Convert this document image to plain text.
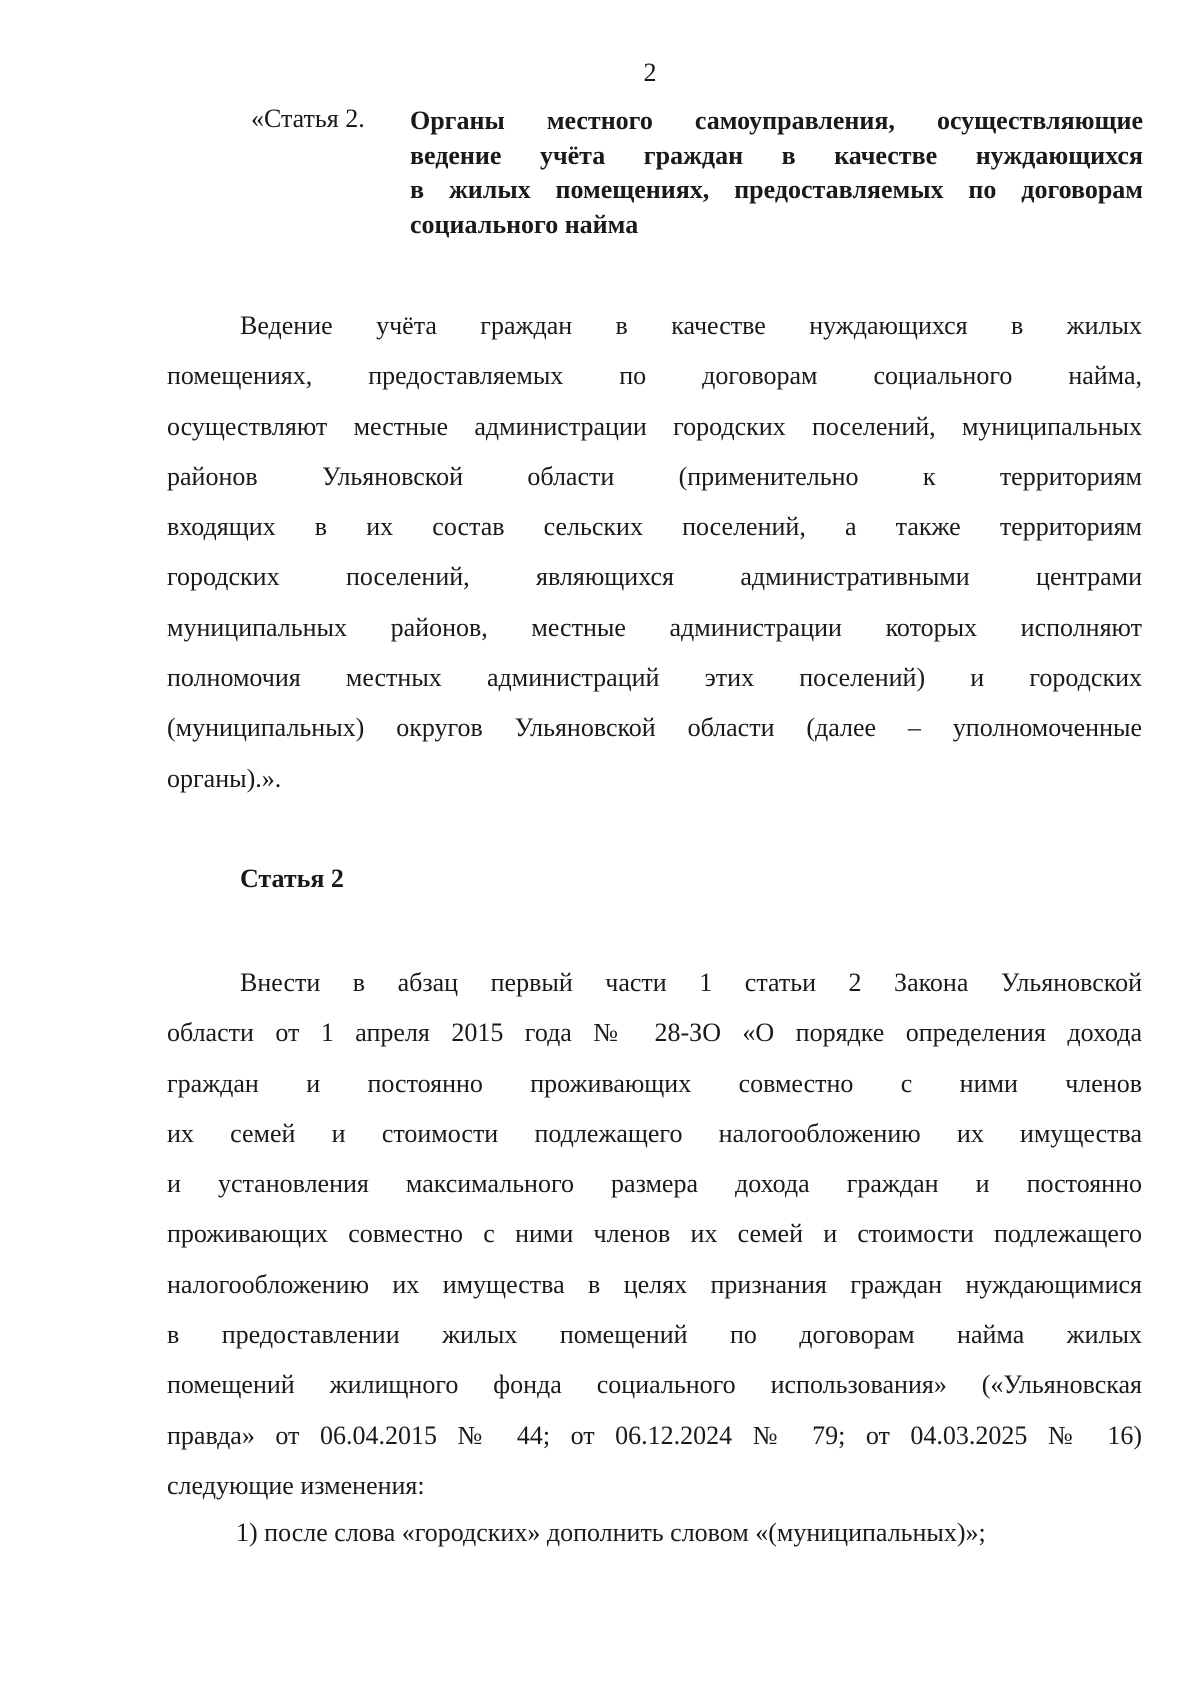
2
«Статья 2. Органы местного самоуправления, осуществляющие
ведение учёта граждан в качестве нуждающихся
в жилых помещениях, предоставляемых по договорам
социального найма
Ведение учёта граждан в качестве нуждающихся в жилых
помещениях, предоставляемых по договорам социального найма,
осуществляют местные администрации городских поселений, муниципальных
районов Ульяновской области (применительно к территориям
входящих в их состав сельских поселений, а также территориям
городских поселений, являющихся административными центрами
муниципальных районов, местные администрации которых исполняют
полномочия местных администраций этих поселений) и городских
(муниципальных) округов Ульяновской области (далее – уполномоченные
органы).».
Статья 2
Внести в абзац первый части 1 статьи 2 Закона Ульяновской
области от 1 апреля 2015 года № 28-ЗО «О порядке определения дохода
граждан и постоянно проживающих совместно с ними членов
их семей и стоимости подлежащего налогообложению их имущества
и установления максимального размера дохода граждан и постоянно
проживающих совместно с ними членов их семей и стоимости подлежащего
налогообложению их имущества в целях признания граждан нуждающимися
в предоставлении жилых помещений по договорам найма жилых
помещений жилищного фонда социального использования» («Ульяновская
правда» от 06.04.2015 № 44; от 06.12.2024 № 79; от 04.03.2025 № 16)
следующие изменения:
1) после слова «городских» дополнить словом «(муниципальных)»;
